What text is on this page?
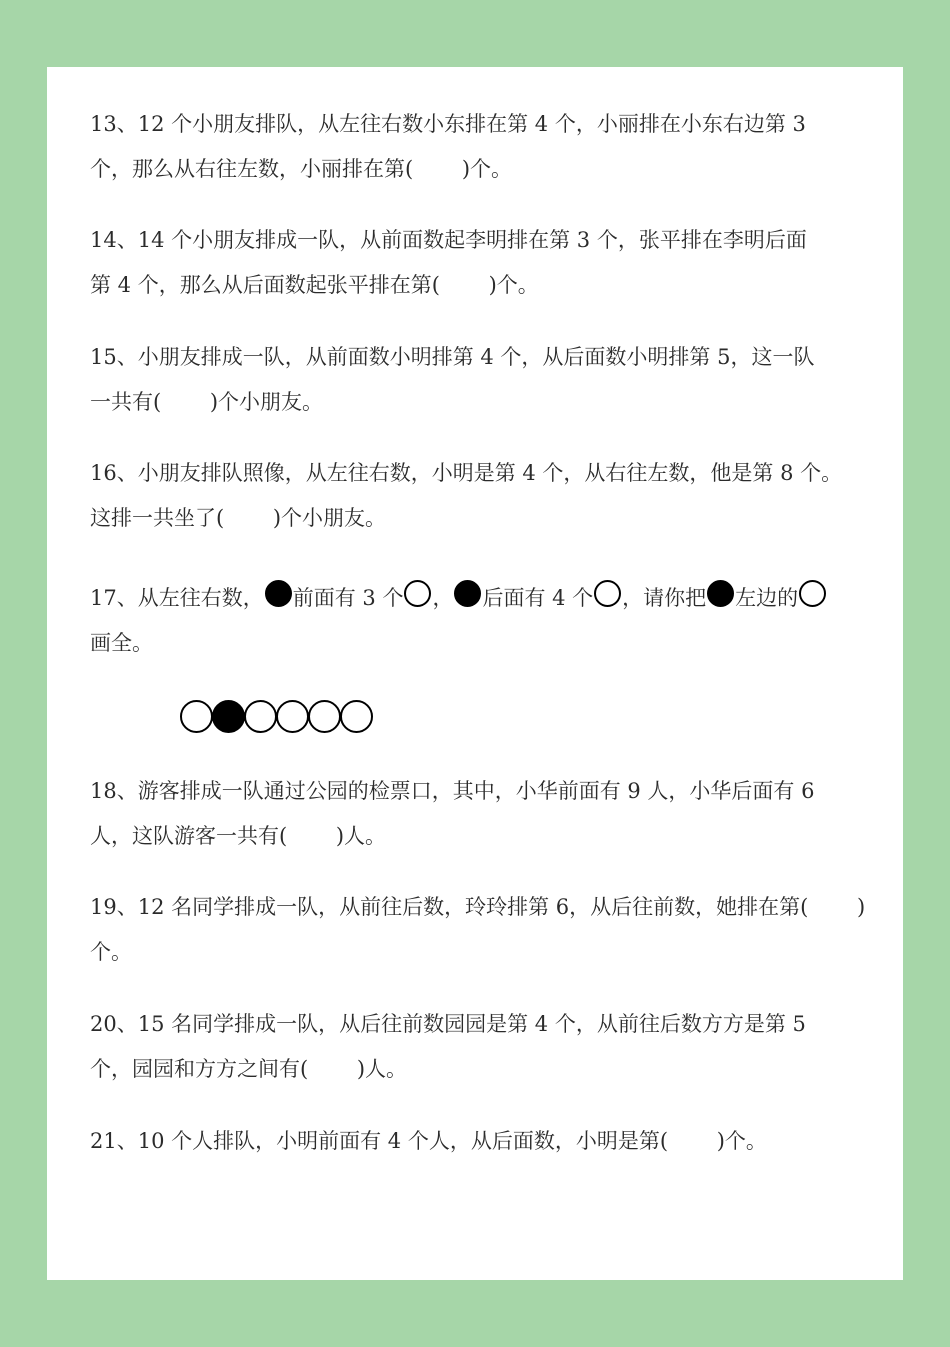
13、12 个小朋友排队，从左往右数小东排在第 4 个，小丽排在小东右边第 3
个，那么从右往左数，小丽排在第(　　 )个。
14、14 个小朋友排成一队，从前面数起李明排在第 3 个，张平排在李明后面
第 4 个，那么从后面数起张平排在第(　　 )个。
15、小朋友排成一队，从前面数小明排第 4 个，从后面数小明排第 5，这一队
一共有(　　 )个小朋友。
16、小朋友排队照像，从左往右数，小明是第 4 个，从右往左数，他是第 8 个。
这排一共坐了(　　 )个小朋友。
17、从左往右数， 前面有 3 个 ， 后面有 4 个 ，请你把 左边的
画全。
18、游客排成一队通过公园的检票口，其中，小华前面有 9 人，小华后面有 6
人，这队游客一共有(　　 )人。
19、12 名同学排成一队，从前往后数，玲玲排第 6，从后往前数，她排在第(　　 )
个。
20、15 名同学排成一队，从后往前数园园是第 4 个，从前往后数方方是第 5
个，园园和方方之间有(　　 )人。
21、10 个人排队，小明前面有 4 个人，从后面数，小明是第(　　 )个。
